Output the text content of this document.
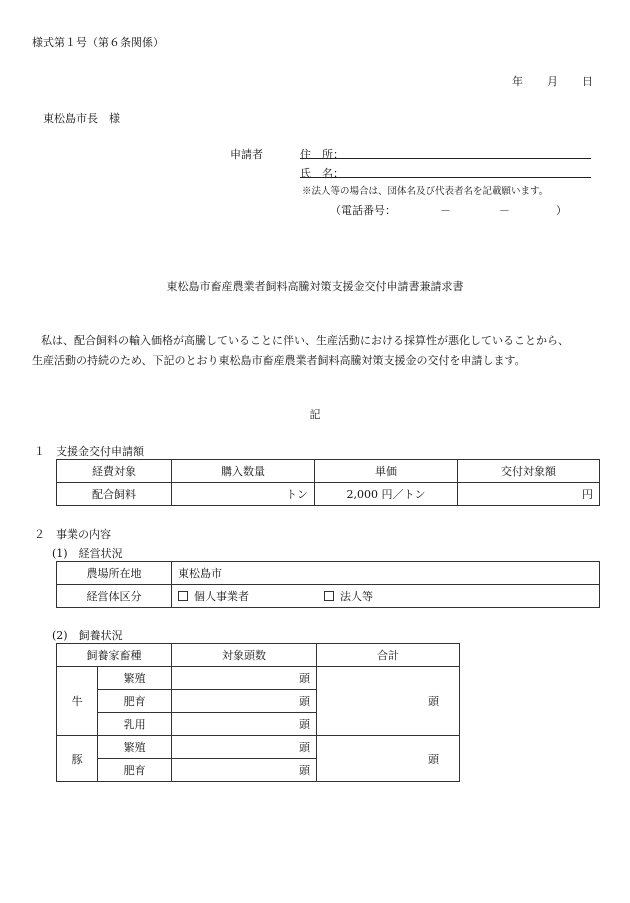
様式第１号（第６条関係）
年 月 日
東松島市長　様
申請者	住　所：
氏　名：
※法人等の場合は、団体名及び代表者名を記載願います。
（電話番号：	－	－	）
東松島市畜産農業者飼料高騰対策支援金交付申請書兼請求書
私は、配合飼料の輸入価格が高騰していることに伴い、生産活動における採算性が悪化していることから、
生産活動の持続のため、下記のとおり東松島市畜産農業者飼料高騰対策支援金の交付を申請します。
記
１　支援金交付申請額
経費対象	購入数量	単価	交付対象額
配合飼料	トン	2,000 円／トン	円
２　事業の内容
(1)　経営状況
農場所在地	東松島市
経営体区分	個人事業者 法人等
(2)　飼養状況
飼養家畜種		対象頭数	合計
牛	繁殖	頭	頭
	肥育	頭	
	乳用	頭	
豚	繁殖	頭	頭
	肥育	頭	
